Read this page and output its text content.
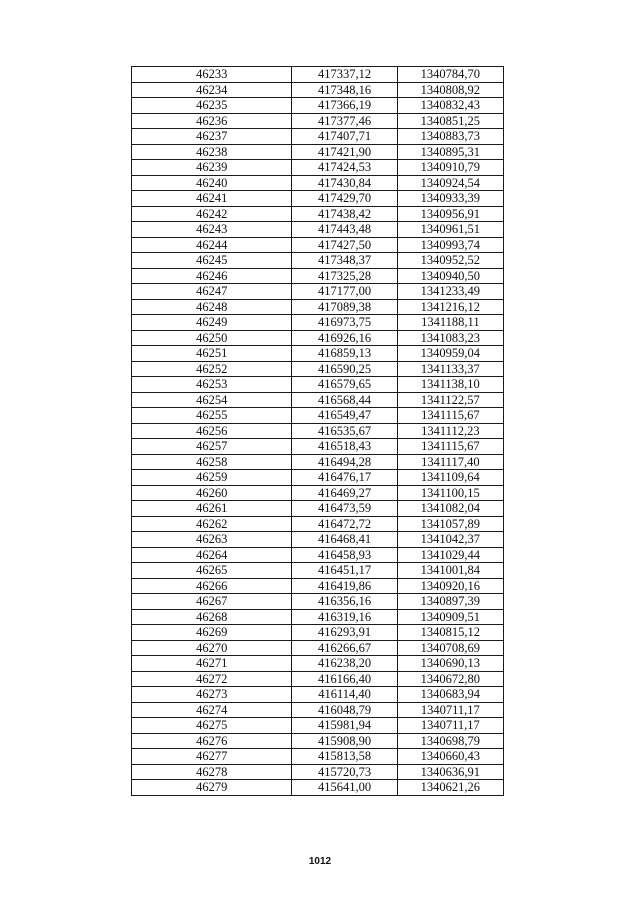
46233	417337,12	1340784,70
46234	417348,16	1340808,92
46235	417366,19	1340832,43
46236	417377,46	1340851,25
46237	417407,71	1340883,73
46238	417421,90	1340895,31
46239	417424,53	1340910,79
46240	417430,84	1340924,54
46241	417429,70	1340933,39
46242	417438,42	1340956,91
46243	417443,48	1340961,51
46244	417427,50	1340993,74
46245	417348,37	1340952,52
46246	417325,28	1340940,50
46247	417177,00	1341233,49
46248	417089,38	1341216,12
46249	416973,75	1341188,11
46250	416926,16	1341083,23
46251	416859,13	1340959,04
46252	416590,25	1341133,37
46253	416579,65	1341138,10
46254	416568,44	1341122,57
46255	416549,47	1341115,67
46256	416535,67	1341112,23
46257	416518,43	1341115,67
46258	416494,28	1341117,40
46259	416476,17	1341109,64
46260	416469,27	1341100,15
46261	416473,59	1341082,04
46262	416472,72	1341057,89
46263	416468,41	1341042,37
46264	416458,93	1341029,44
46265	416451,17	1341001,84
46266	416419,86	1340920,16
46267	416356,16	1340897,39
46268	416319,16	1340909,51
46269	416293,91	1340815,12
46270	416266,67	1340708,69
46271	416238,20	1340690,13
46272	416166,40	1340672,80
46273	416114,40	1340683,94
46274	416048,79	1340711,17
46275	415981,94	1340711,17
46276	415908,90	1340698,79
46277	415813,58	1340660,43
46278	415720,73	1340636,91
46279	415641,00	1340621,26
1012
